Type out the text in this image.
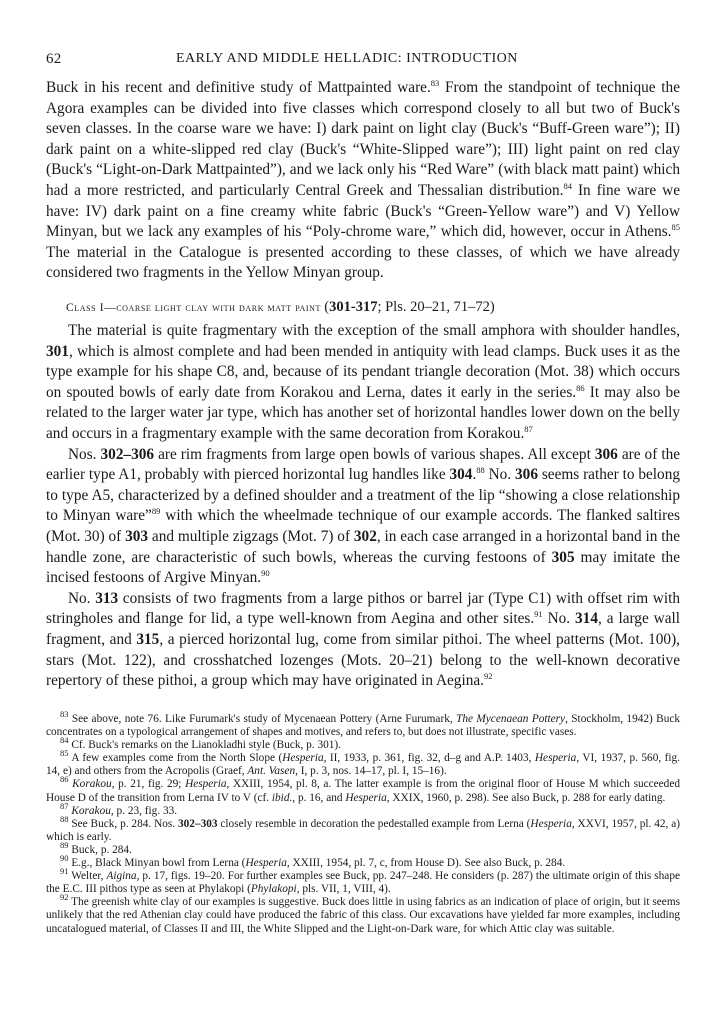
62	EARLY AND MIDDLE HELLADIC: INTRODUCTION

Buck in his recent and definitive study of Mattpainted ware.$^{83}$ From the standpoint of technique the Agora examples can be divided into five classes which correspond closely to all but two of Buck's seven classes. In the coarse ware we have: I) dark paint on light clay (Buck's “Buff-Green ware”); II) dark paint on a white-slipped red clay (Buck's “White-Slipped ware”); III) light paint on red clay (Buck's “Light-on-Dark Mattpainted”), and we lack only his “Red Ware” (with black matt paint) which had a more restricted, and particularly Central Greek and Thessalian distribution.$^{84}$ In fine ware we have: IV) dark paint on a fine creamy white fabric (Buck's “Green-Yellow ware”) and V) Yellow Minyan, but we lack any examples of his “Poly-chrome ware,” which did, however, occur in Athens.$^{85}$ The material in the Catalogue is presented according to these classes, of which we have already considered two fragments in the Yellow Minyan group.

Class I—coarse light clay with dark matt paint (301-317; Pls. 20–21, 71–72)

The material is quite fragmentary with the exception of the small amphora with shoulder handles, 301, which is almost complete and had been mended in antiquity with lead clamps. Buck uses it as the type example for his shape C8, and, because of its pendant triangle decoration (Mot. 38) which occurs on spouted bowls of early date from Korakou and Lerna, dates it early in the series.$^{86}$ It may also be related to the larger water jar type, which has another set of horizontal handles lower down on the belly and occurs in a fragmentary example with the same decoration from Korakou.$^{87}$

Nos. 302–306 are rim fragments from large open bowls of various shapes. All except 306 are of the earlier type A1, probably with pierced horizontal lug handles like 304.88 No. 306 seems rather to belong to type A5, characterized by a defined shoulder and a treatment of the lip “showing a close relationship to Minyan ware”$^{89}$ with which the wheelmade technique of our example accords. The flanked saltires (Mot. 30) of 303 and multiple zigzags (Mot. 7) of 302, in each case arranged in a horizontal band in the handle zone, are characteristic of such bowls, whereas the curving festoons of 305 may imitate the incised festoons of Argive Minyan.$^{90}$

No. 313 consists of two fragments from a large pithos or barrel jar (Type C1) with offset rim with stringholes and flange for lid, a type well-known from Aegina and other sites.$^{91}$ No. 314, a large wall fragment, and 315, a pierced horizontal lug, come from similar pithoi. The wheel patterns (Mot. 100), stars (Mot. 122), and crosshatched lozenges (Mots. 20–21) belong to the well-known decorative repertory of these pithoi, a group which may have originated in Aegina.$^{92}$

$^{83}$ See above, note 76. Like Furumark's study of Mycenaean Pottery (Arne Furumark, The Mycenaean Pottery, Stockholm, 1942) Buck concentrates on a typological arrangement of shapes and motives, and refers to, but does not illustrate, specific vases.

$^{84}$ Cf. Buck's remarks on the Lianokladhi style (Buck, p. 301).

$^{85}$ A few examples come from the North Slope (Hesperia, II, 1933, p. 361, fig. 32, d–g and A.P. 1403, Hesperia, VI, 1937, p. 560, fig. 14, e) and others from the Acropolis (Graef, Ant. Vasen, I, p. 3, nos. 14–17, pl. I, 15–16).

$^{86}$ Korakou, p. 21, fig. 29; Hesperia, XXIII, 1954, pl. 8, a. The latter example is from the original floor of House M which succeeded House D of the transition from Lerna IV to V (cf. ibid., p. 16, and Hesperia, XXIX, 1960, p. 298). See also Buck, p. 288 for early dating.

$^{87}$ Korakou, p. 23, fig. 33.

$^{88}$ See Buck, p. 284. Nos. 302–303 closely resemble in decoration the pedestalled example from Lerna (Hesperia, XXVI, 1957, pl. 42, a) which is early.

$^{89}$ Buck, p. 284.

$^{90}$ E.g., Black Minyan bowl from Lerna (Hesperia, XXIII, 1954, pl. 7, c, from House D). See also Buck, p. 284.

$^{91}$ Welter, Aigina, p. 17, figs. 19–20. For further examples see Buck, pp. 247–248. He considers (p. 287) the ultimate origin of this shape the E.C. III pithos type as seen at Phylakopi (Phylakopi, pls. VII, 1, VIII, 4).

$^{92}$ The greenish white clay of our examples is suggestive. Buck does little in using fabrics as an indication of place of origin, but it seems unlikely that the red Athenian clay could have produced the fabric of this class. Our excavations have yielded far more examples, including uncatalogued material, of Classes II and III, the White Slipped and the Light-on-Dark ware, for which Attic clay was suitable.
